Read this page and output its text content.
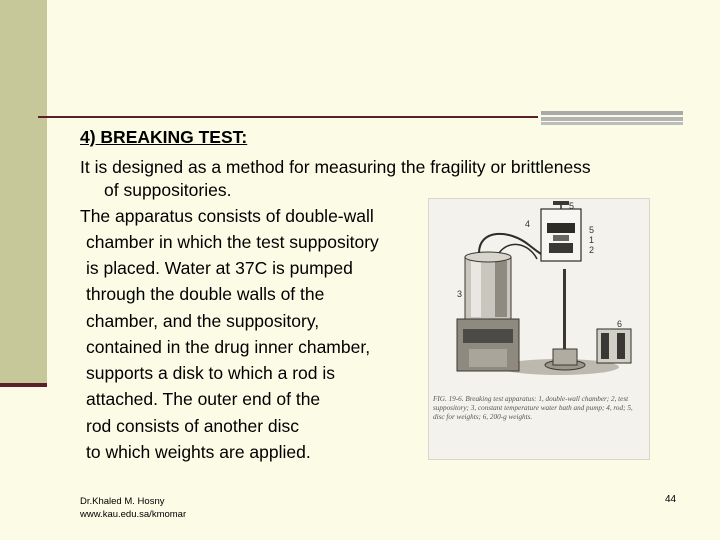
4) BREAKING TEST:
It is designed as a method for measuring the fragility or brittleness
of suppositories.
The apparatus consists of double-wall
chamber in which the test suppository
is placed. Water at 37C is pumped
through the double walls of the
chamber, and the suppository,
contained in the drug inner chamber,
supports a disk to which a rod is
attached. The outer end of the
rod consists of another disc
to which weights are applied.
5
4
5
1
2
3
6
FIG. 19-6. Breaking test apparatus: 1, double-wall chamber; 2, test suppository; 3, constant temperature water bath and pump; 4, rod; 5, disc for weights; 6, 200-g weights.
Dr.Khaled M. Hosny
www.kau.edu.sa/kmomar
44
